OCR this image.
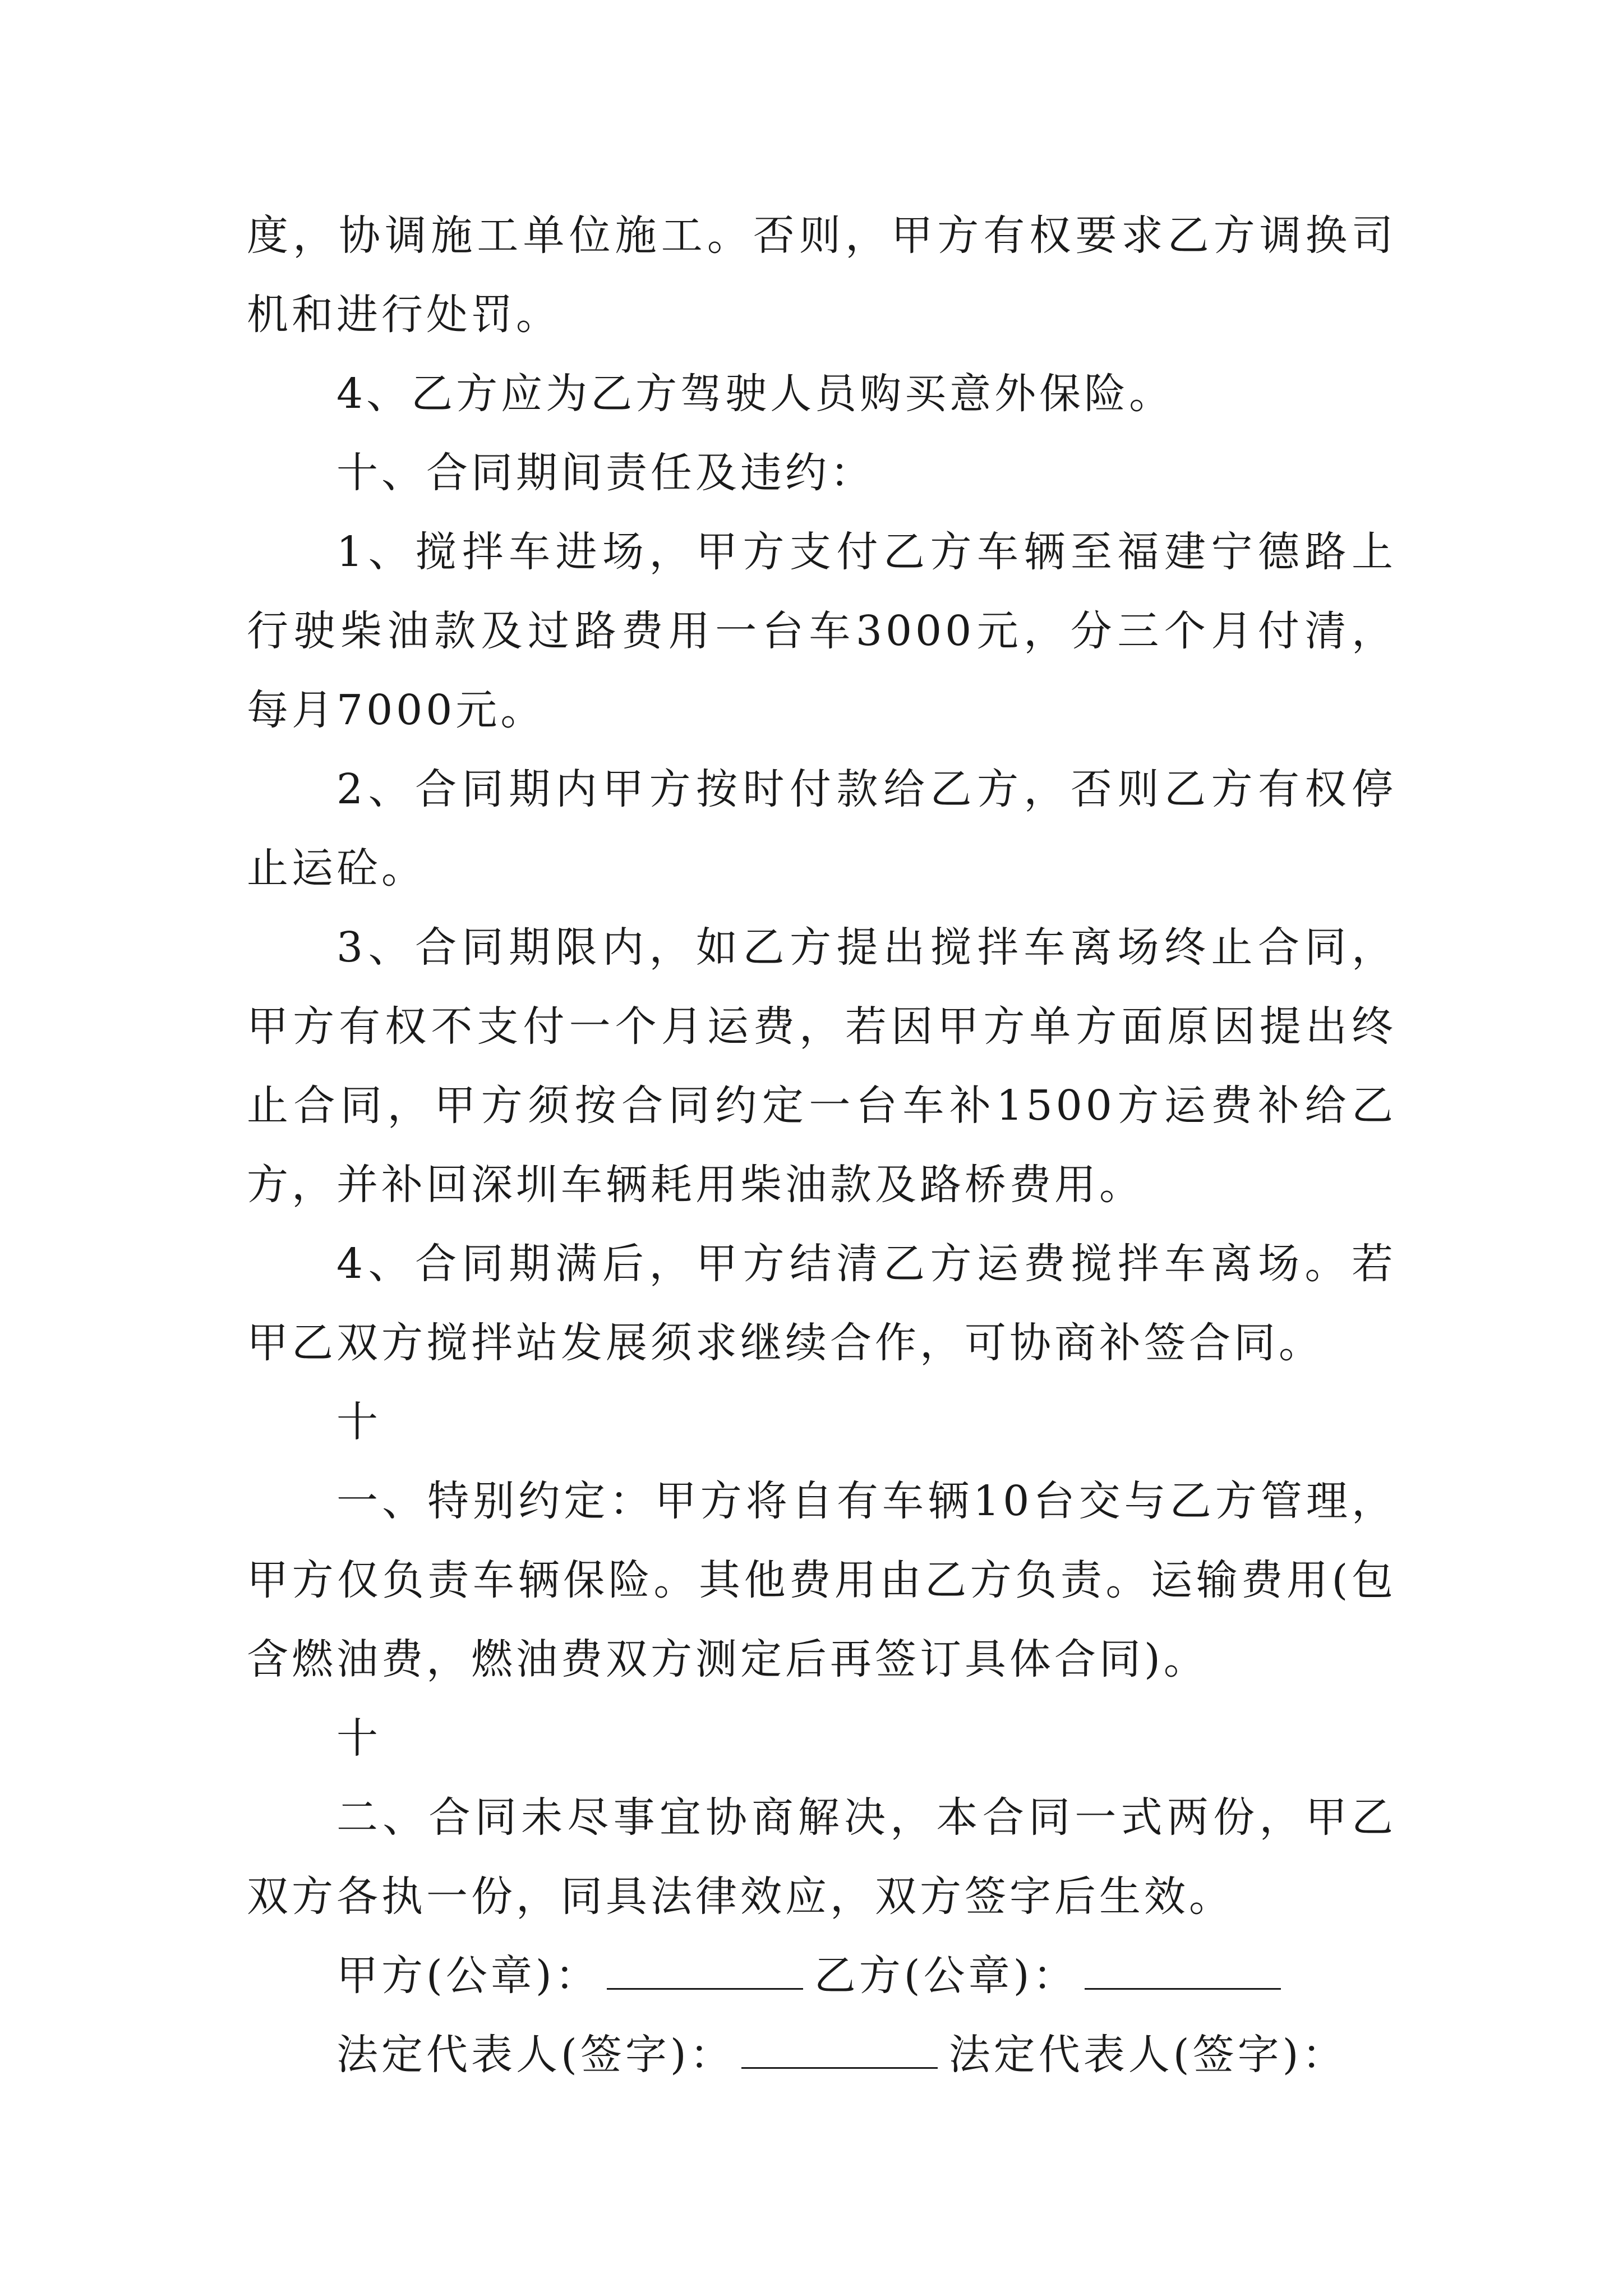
度，协调施工单位施工。否则，甲方有权要求乙方调换司机和进行处罚。

4、乙方应为乙方驾驶人员购买意外保险。

十、合同期间责任及违约：

1、搅拌车进场，甲方支付乙方车辆至福建宁德路上行驶柴油款及过路费用一台车3000元，分三个月付清，每月7000元。

2、合同期内甲方按时付款给乙方，否则乙方有权停止运砼。

3、合同期限内，如乙方提出搅拌车离场终止合同，甲方有权不支付一个月运费，若因甲方单方面原因提出终止合同，甲方须按合同约定一台车补1500方运费补给乙方，并补回深圳车辆耗用柴油款及路桥费用。

4、合同期满后，甲方结清乙方运费搅拌车离场。若甲乙双方搅拌站发展须求继续合作，可协商补签合同。

十

一、特别约定：甲方将自有车辆10台交与乙方管理，甲方仅负责车辆保险。其他费用由乙方负责。运输费用(包含燃油费，燃油费双方测定后再签订具体合同)。

十

二、合同未尽事宜协商解决，本合同一式两份，甲乙双方各执一份，同具法律效应，双方签字后生效。

甲方(公章)：	乙方(公章)：

法定代表人(签字)：	法定代表人(签字)：
